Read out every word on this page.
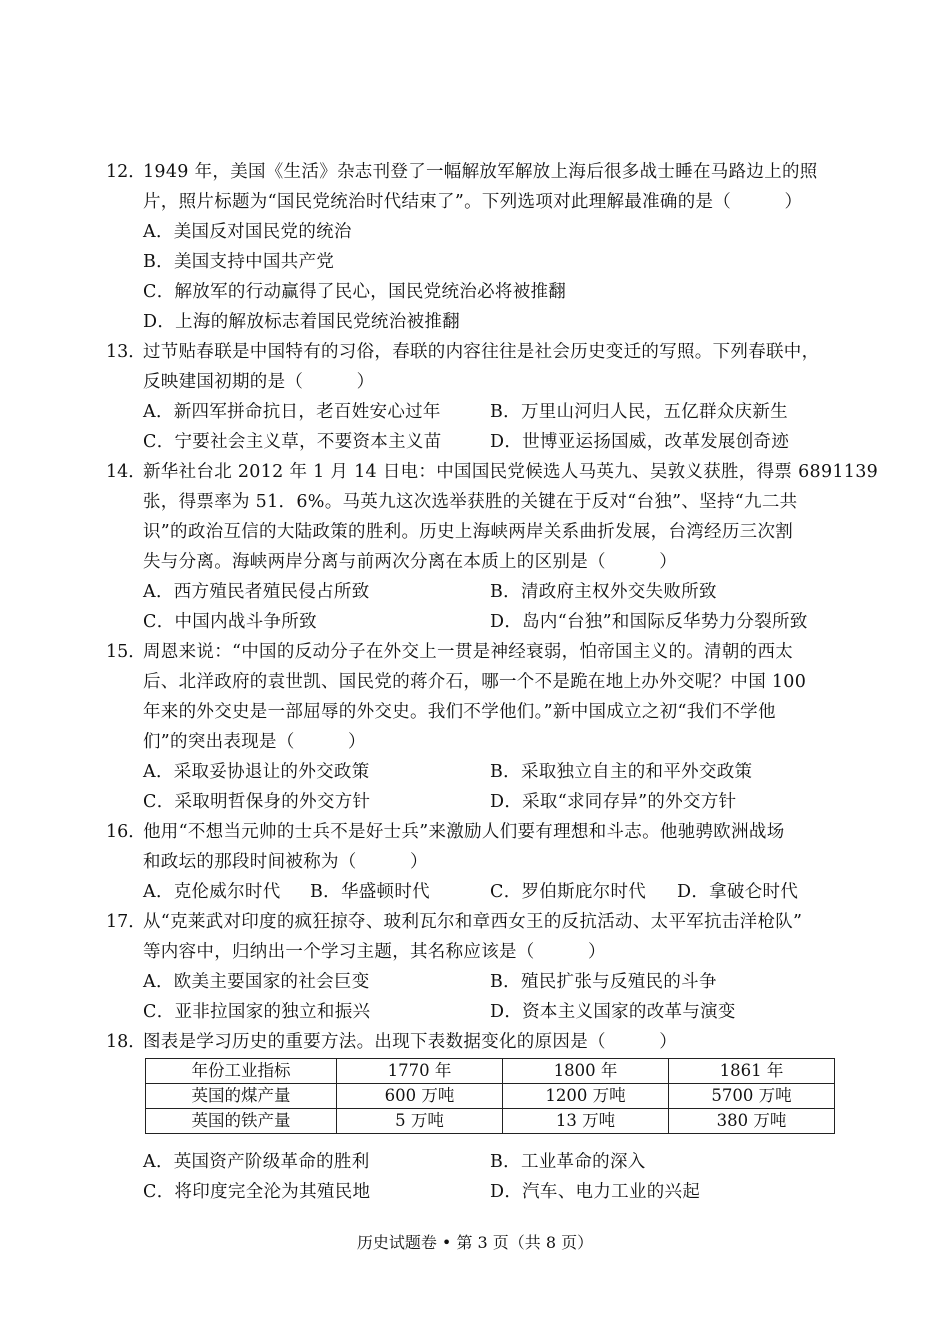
12．
1949 年，美国《生活》杂志刊登了一幅解放军解放上海后很多战士睡在马路边上的照
片，照片标题为“国民党统治时代结束了”。下列选项对此理解最准确的是（　　　）
A．美国反对国民党的统治
B．美国支持中国共产党
C．解放军的行动赢得了民心，国民党统治必将被推翻
D．上海的解放标志着国民党统治被推翻
13．
过节贴春联是中国特有的习俗，春联的内容往往是社会历史变迁的写照。下列春联中，
反映建国初期的是（　　　）
A．新四军拼命抗日，老百姓安心过年	B．万里山河归人民，五亿群众庆新生
C．宁要社会主义草，不要资本主义苗	D．世博亚运扬国威，改革发展创奇迹
14．
新华社台北 2012 年 1 月 14 日电：中国国民党候选人马英九、吴敦义获胜，得票 6891139
张，得票率为 51．6%。马英九这次选举获胜的关键在于反对“台独”、坚持“九二共
识”的政治互信的大陆政策的胜利。历史上海峡两岸关系曲折发展，台湾经历三次割
失与分离。海峡两岸分离与前两次分离在本质上的区别是（　　　）
A．西方殖民者殖民侵占所致	B．清政府主权外交失败所致
C．中国内战斗争所致	D．岛内“台独”和国际反华势力分裂所致
15．
周恩来说：“中国的反动分子在外交上一贯是神经衰弱，怕帝国主义的。清朝的西太
后、北洋政府的袁世凯、国民党的蒋介石，哪一个不是跪在地上办外交呢？中国 100
年来的外交史是一部屈辱的外交史。我们不学他们。”新中国成立之初“我们不学他
们”的突出表现是（　　　）
A．采取妥协退让的外交政策	B．采取独立自主的和平外交政策
C．采取明哲保身的外交方针	D．采取“求同存异”的外交方针
16．
他用“不想当元帅的士兵不是好士兵”来激励人们要有理想和斗志。他驰骋欧洲战场
和政坛的那段时间被称为（　　　）
A．克伦威尔时代 B．华盛顿时代	C．罗伯斯庇尔时代 D．拿破仑时代
17．
从“克莱武对印度的疯狂掠夺、玻利瓦尔和章西女王的反抗活动、太平军抗击洋枪队”
等内容中，归纳出一个学习主题，其名称应该是（　　　）
A．欧美主要国家的社会巨变	B．殖民扩张与反殖民的斗争
C．亚非拉国家的独立和振兴	D．资本主义国家的改革与演变
18．
图表是学习历史的重要方法。出现下表数据变化的原因是（　　　）
年份工业指标	1770 年	1800 年	1861 年
英国的煤产量	600 万吨	1200 万吨	5700 万吨
英国的铁产量	5 万吨	13 万吨	380 万吨
A．英国资产阶级革命的胜利	B．工业革命的深入
C．将印度完全沦为其殖民地	D．汽车、电力工业的兴起
历史试题卷 • 第 3 页（共 8 页）
